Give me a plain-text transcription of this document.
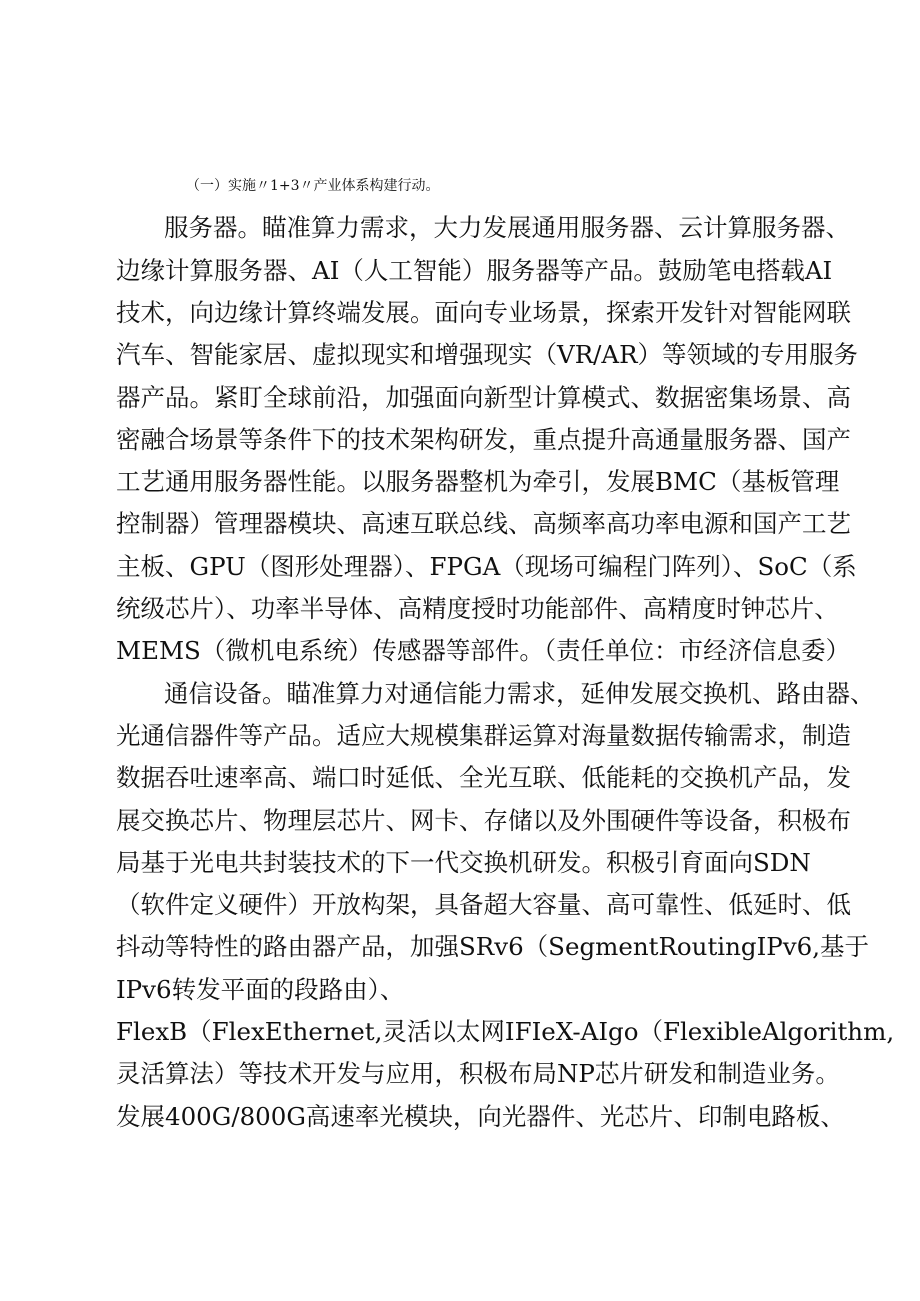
（一）实施〃1+3〃产业体系构建行动。
服务器。瞄准算力需求，大力发展通用服务器、云计算服务器、
边缘计算服务器、AI（人工智能）服务器等产品。鼓励笔电搭载AI
技术，向边缘计算终端发展。面向专业场景，探索开发针对智能网联
汽车、智能家居、虚拟现实和增强现实（VR/AR）等领域的专用服务
器产品。紧盯全球前沿，加强面向新型计算模式、数据密集场景、高
密融合场景等条件下的技术架构研发，重点提升高通量服务器、国产
工艺通用服务器性能。以服务器整机为牵引，发展BMC（基板管理
控制器）管理器模块、高速互联总线、高频率高功率电源和国产工艺
主板、GPU（图形处理器）、FPGA（现场可编程门阵列）、SoC（系
统级芯片）、功率半导体、高精度授时功能部件、高精度时钟芯片、
MEMS（微机电系统）传感器等部件。（责任单位：市经济信息委）
通信设备。瞄准算力对通信能力需求，延伸发展交换机、路由器、
光通信器件等产品。适应大规模集群运算对海量数据传输需求，制造
数据吞吐速率高、端口时延低、全光互联、低能耗的交换机产品，发
展交换芯片、物理层芯片、网卡、存储以及外围硬件等设备，积极布
局基于光电共封装技术的下一代交换机研发。积极引育面向SDN
（软件定义硬件）开放构架，具备超大容量、高可靠性、低延时、低
抖动等特性的路由器产品，加强SRv6（SegmentRoutingIPv6,基于
IPv6转发平面的段路由）、
FlexB（FlexEthernet,灵活以太网IFIeX-AIgo（FlexibleAlgorithm,
灵活算法）等技术开发与应用，积极布局NP芯片研发和制造业务。
发展400G/800G高速率光模块，向光器件、光芯片、印制电路板、
